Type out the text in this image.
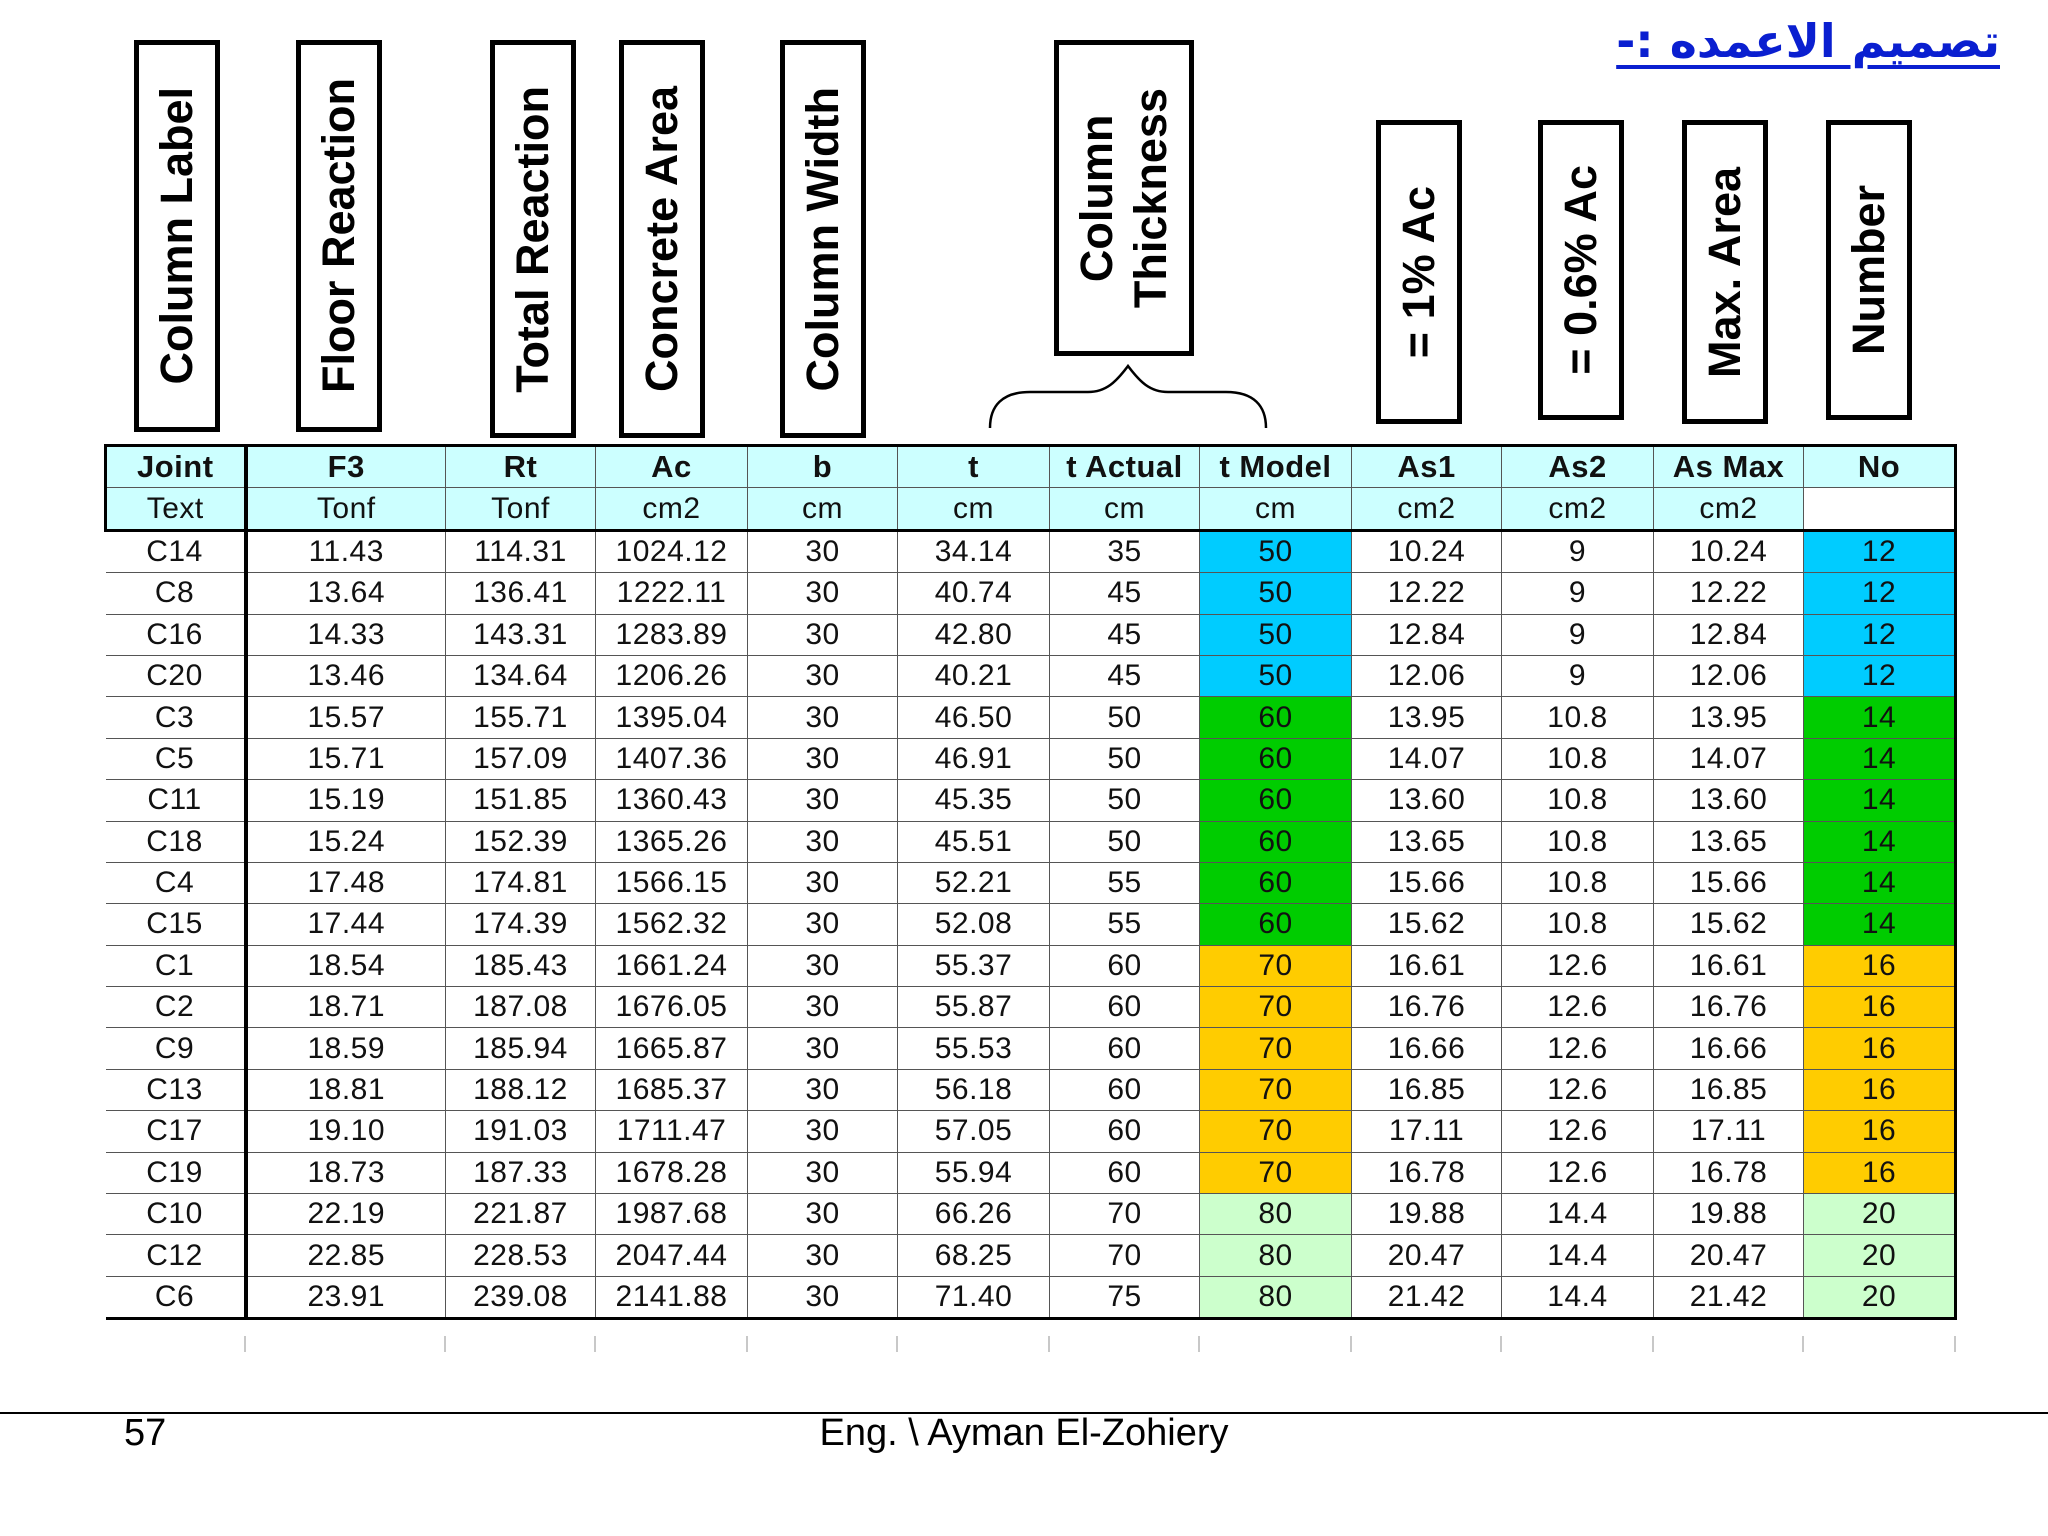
تصميم الاعمده :-
Column Label Floor Reaction	Total Reaction Concrete Area Column Width	Column
Thickness	= 1% Ac = 0.6% Ac Max. Area Number
Joint	F3	Rt	Ac	b	t	t Actual	t Model	As1	As2	As Max	No
Text	Tonf	Tonf	cm2	cm	cm	cm	cm	cm2	cm2	cm2	
C14	11.43	114.31	1024.12	30	34.14	35	50	10.24	9	10.24	12
C8	13.64	136.41	1222.11	30	40.74	45	50	12.22	9	12.22	12
C16	14.33	143.31	1283.89	30	42.80	45	50	12.84	9	12.84	12
C20	13.46	134.64	1206.26	30	40.21	45	50	12.06	9	12.06	12
C3	15.57	155.71	1395.04	30	46.50	50	60	13.95	10.8	13.95	14
C5	15.71	157.09	1407.36	30	46.91	50	60	14.07	10.8	14.07	14
C11	15.19	151.85	1360.43	30	45.35	50	60	13.60	10.8	13.60	14
C18	15.24	152.39	1365.26	30	45.51	50	60	13.65	10.8	13.65	14
C4	17.48	174.81	1566.15	30	52.21	55	60	15.66	10.8	15.66	14
C15	17.44	174.39	1562.32	30	52.08	55	60	15.62	10.8	15.62	14
C1	18.54	185.43	1661.24	30	55.37	60	70	16.61	12.6	16.61	16
C2	18.71	187.08	1676.05	30	55.87	60	70	16.76	12.6	16.76	16
C9	18.59	185.94	1665.87	30	55.53	60	70	16.66	12.6	16.66	16
C13	18.81	188.12	1685.37	30	56.18	60	70	16.85	12.6	16.85	16
C17	19.10	191.03	1711.47	30	57.05	60	70	17.11	12.6	17.11	16
C19	18.73	187.33	1678.28	30	55.94	60	70	16.78	12.6	16.78	16
C10	22.19	221.87	1987.68	30	66.26	70	80	19.88	14.4	19.88	20
C12	22.85	228.53	2047.44	30	68.25	70	80	20.47	14.4	20.47	20
C6	23.91	239.08	2141.88	30	71.40	75	80	21.42	14.4	21.42	20
57	Eng. \ Ayman El-Zohiery
